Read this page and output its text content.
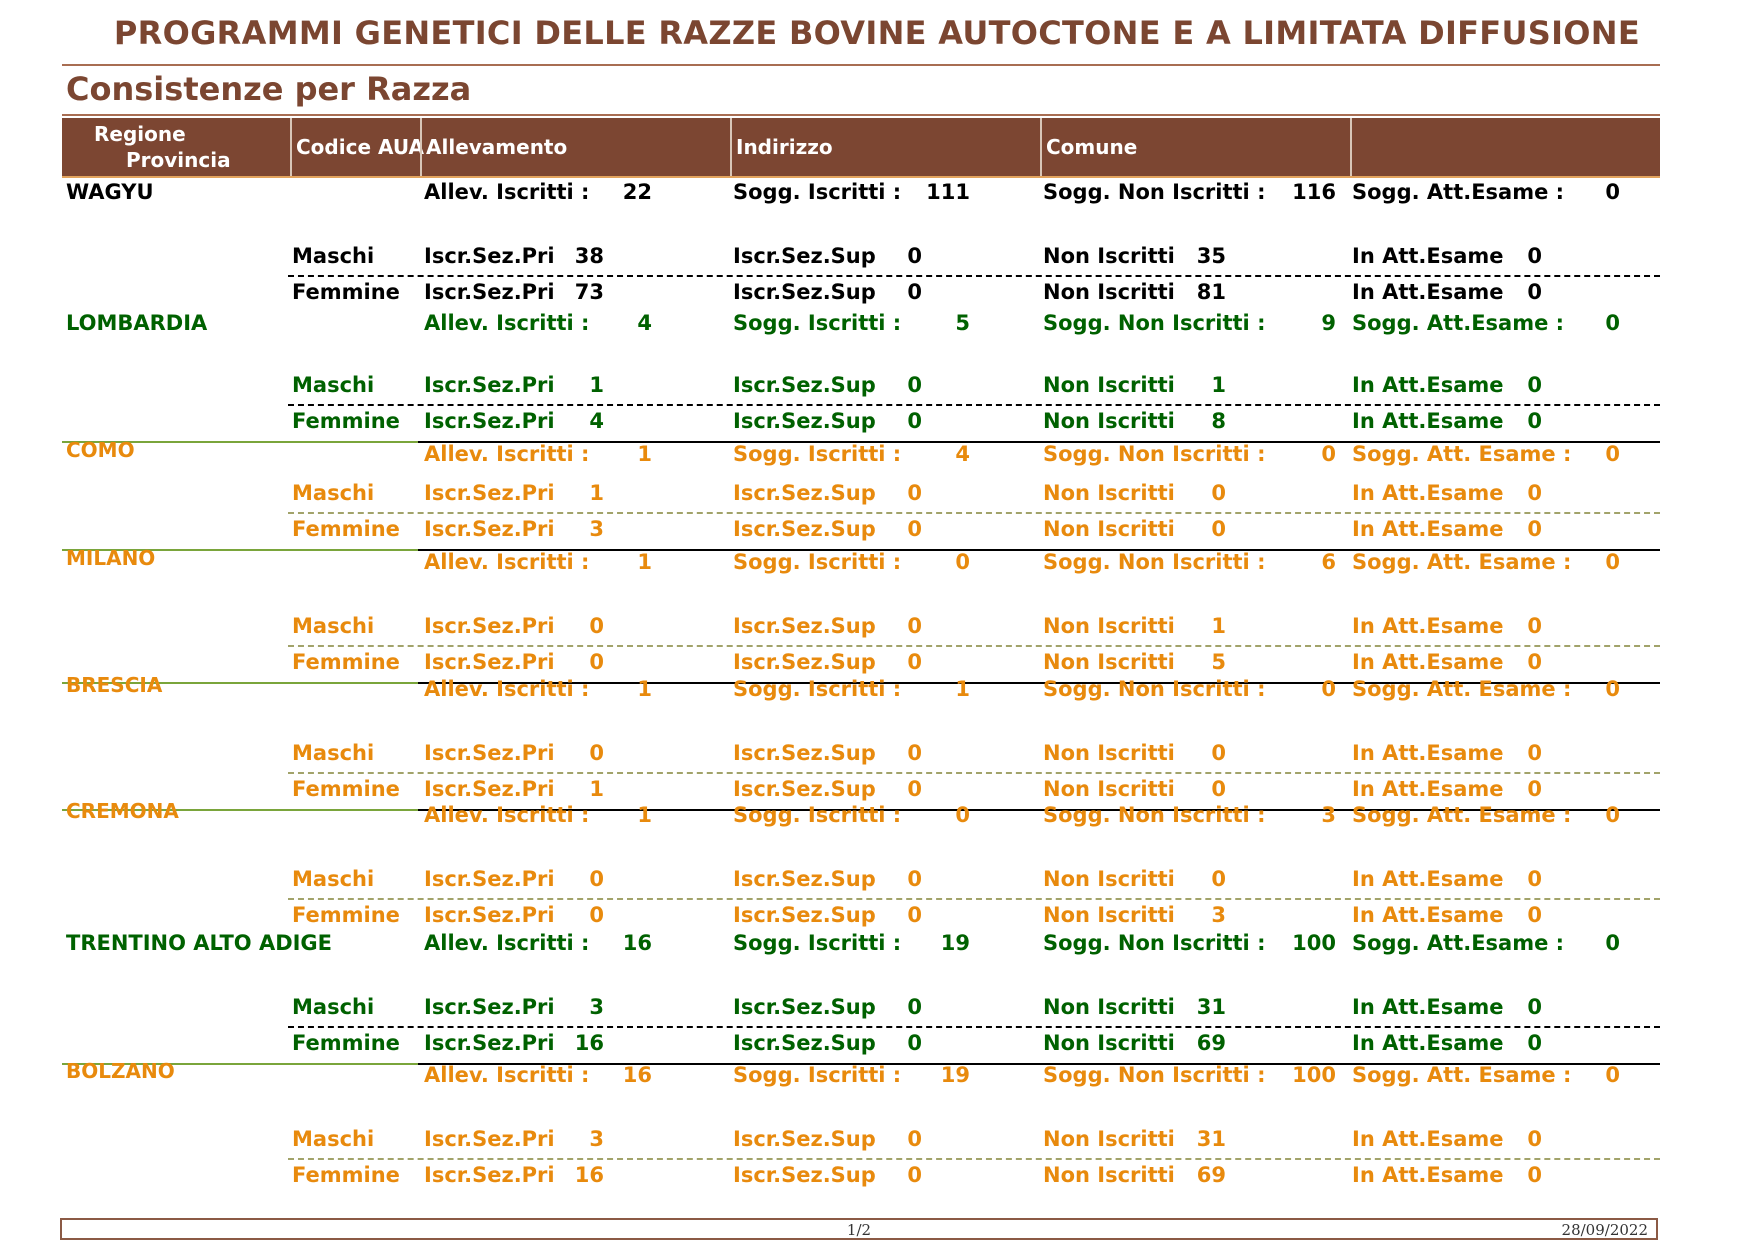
PROGRAMMI GENETICI DELLE RAZZE BOVINE AUTOCTONE E A LIMITATA DIFFUSIONE
Consistenze per Razza
Regione
Provincia
Codice AUA Allevamento	Indirizzo	Comune
WAGYU	Allev. Iscritti : 22	Sogg. Iscritti : 111	Sogg. Non Iscritti : 116 Sogg. Att.Esame : 0
Maschi Iscr.Sez.Pri 38	Iscr.Sez.Sup 0	Non Iscritti 35	In Att.Esame 0
Femmine Iscr.Sez.Pri 73	Iscr.Sez.Sup 0	Non Iscritti 81	In Att.Esame 0
LOMBARDIA	Allev. Iscritti : 4	Sogg. Iscritti :	5	Sogg. Non Iscritti :	9 Sogg. Att.Esame : 0
Maschi Iscr.Sez.Pri 1	Iscr.Sez.Sup 0	Non Iscritti 1	In Att.Esame 0
Femmine Iscr.Sez.Pri 4	Iscr.Sez.Sup 0	Non Iscritti 8	In Att.Esame 0
COMO	Allev. Iscritti : 1	Sogg. Iscritti :	4	Sogg. Non Iscritti :	0 Sogg. Att. Esame : 0
Maschi Iscr.Sez.Pri 1	Iscr.Sez.Sup 0	Non Iscritti 0	In Att.Esame 0
Femmine Iscr.Sez.Pri 3	Iscr.Sez.Sup 0	Non Iscritti 0	In Att.Esame 0
MILANO	Allev. Iscritti : 1	Sogg. Iscritti :	0	Sogg. Non Iscritti :	6 Sogg. Att. Esame : 0
Maschi Iscr.Sez.Pri 0	Iscr.Sez.Sup 0	Non Iscritti 1	In Att.Esame 0
Femmine Iscr.Sez.Pri 0	Iscr.Sez.Sup 0	Non Iscritti 5	In Att.Esame 0
BRESCIA	Allev. Iscritti : 1	Sogg. Iscritti :	1	Sogg. Non Iscritti :	0 Sogg. Att. Esame : 0
Maschi Iscr.Sez.Pri 0	Iscr.Sez.Sup 0	Non Iscritti 0	In Att.Esame 0
Femmine Iscr.Sez.Pri 1	Iscr.Sez.Sup 0	Non Iscritti 0	In Att.Esame 0
CREMONA	Allev. Iscritti : 1	Sogg. Iscritti :	0	Sogg. Non Iscritti :	3 Sogg. Att. Esame : 0
Maschi Iscr.Sez.Pri 0	Iscr.Sez.Sup 0	Non Iscritti 0	In Att.Esame 0
Femmine Iscr.Sez.Pri 0	Iscr.Sez.Sup 0	Non Iscritti 3	In Att.Esame 0
TRENTINO ALTO ADIGE	Allev. Iscritti : 16	Sogg. Iscritti : 19	Sogg. Non Iscritti : 100 Sogg. Att.Esame : 0
Maschi Iscr.Sez.Pri 3	Iscr.Sez.Sup 0	Non Iscritti 31	In Att.Esame 0
Femmine Iscr.Sez.Pri 16	Iscr.Sez.Sup 0	Non Iscritti 69	In Att.Esame 0
BOLZANO	Allev. Iscritti : 16	Sogg. Iscritti : 19	Sogg. Non Iscritti : 100 Sogg. Att. Esame : 0
Maschi Iscr.Sez.Pri 3	Iscr.Sez.Sup 0	Non Iscritti 31	In Att.Esame 0
Femmine Iscr.Sez.Pri 16	Iscr.Sez.Sup 0	Non Iscritti 69	In Att.Esame 0
1/2	28/09/2022
